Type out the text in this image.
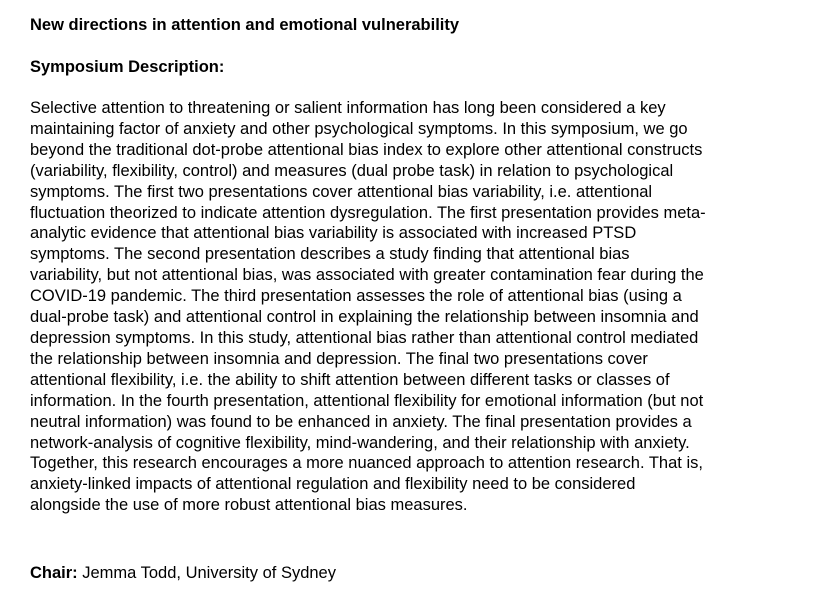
New directions in attention and emotional vulnerability
Symposium Description:
Selective attention to threatening or salient information has long been considered a key
maintaining factor of anxiety and other psychological symptoms. In this symposium, we go
beyond the traditional dot-probe attentional bias index to explore other attentional constructs
(variability, flexibility, control) and measures (dual probe task) in relation to psychological
symptoms. The first two presentations cover attentional bias variability, i.e. attentional
fluctuation theorized to indicate attention dysregulation. The first presentation provides meta-
analytic evidence that attentional bias variability is associated with increased PTSD
symptoms. The second presentation describes a study finding that attentional bias
variability, but not attentional bias, was associated with greater contamination fear during the
COVID-19 pandemic. The third presentation assesses the role of attentional bias (using a
dual-probe task) and attentional control in explaining the relationship between insomnia and
depression symptoms. In this study, attentional bias rather than attentional control mediated
the relationship between insomnia and depression. The final two presentations cover
attentional flexibility, i.e. the ability to shift attention between different tasks or classes of
information. In the fourth presentation, attentional flexibility for emotional information (but not
neutral information) was found to be enhanced in anxiety. The final presentation provides a
network-analysis of cognitive flexibility, mind-wandering, and their relationship with anxiety.
Together, this research encourages a more nuanced approach to attention research. That is,
anxiety-linked impacts of attentional regulation and flexibility need to be considered
alongside the use of more robust attentional bias measures.
Chair: Jemma Todd, University of Sydney
